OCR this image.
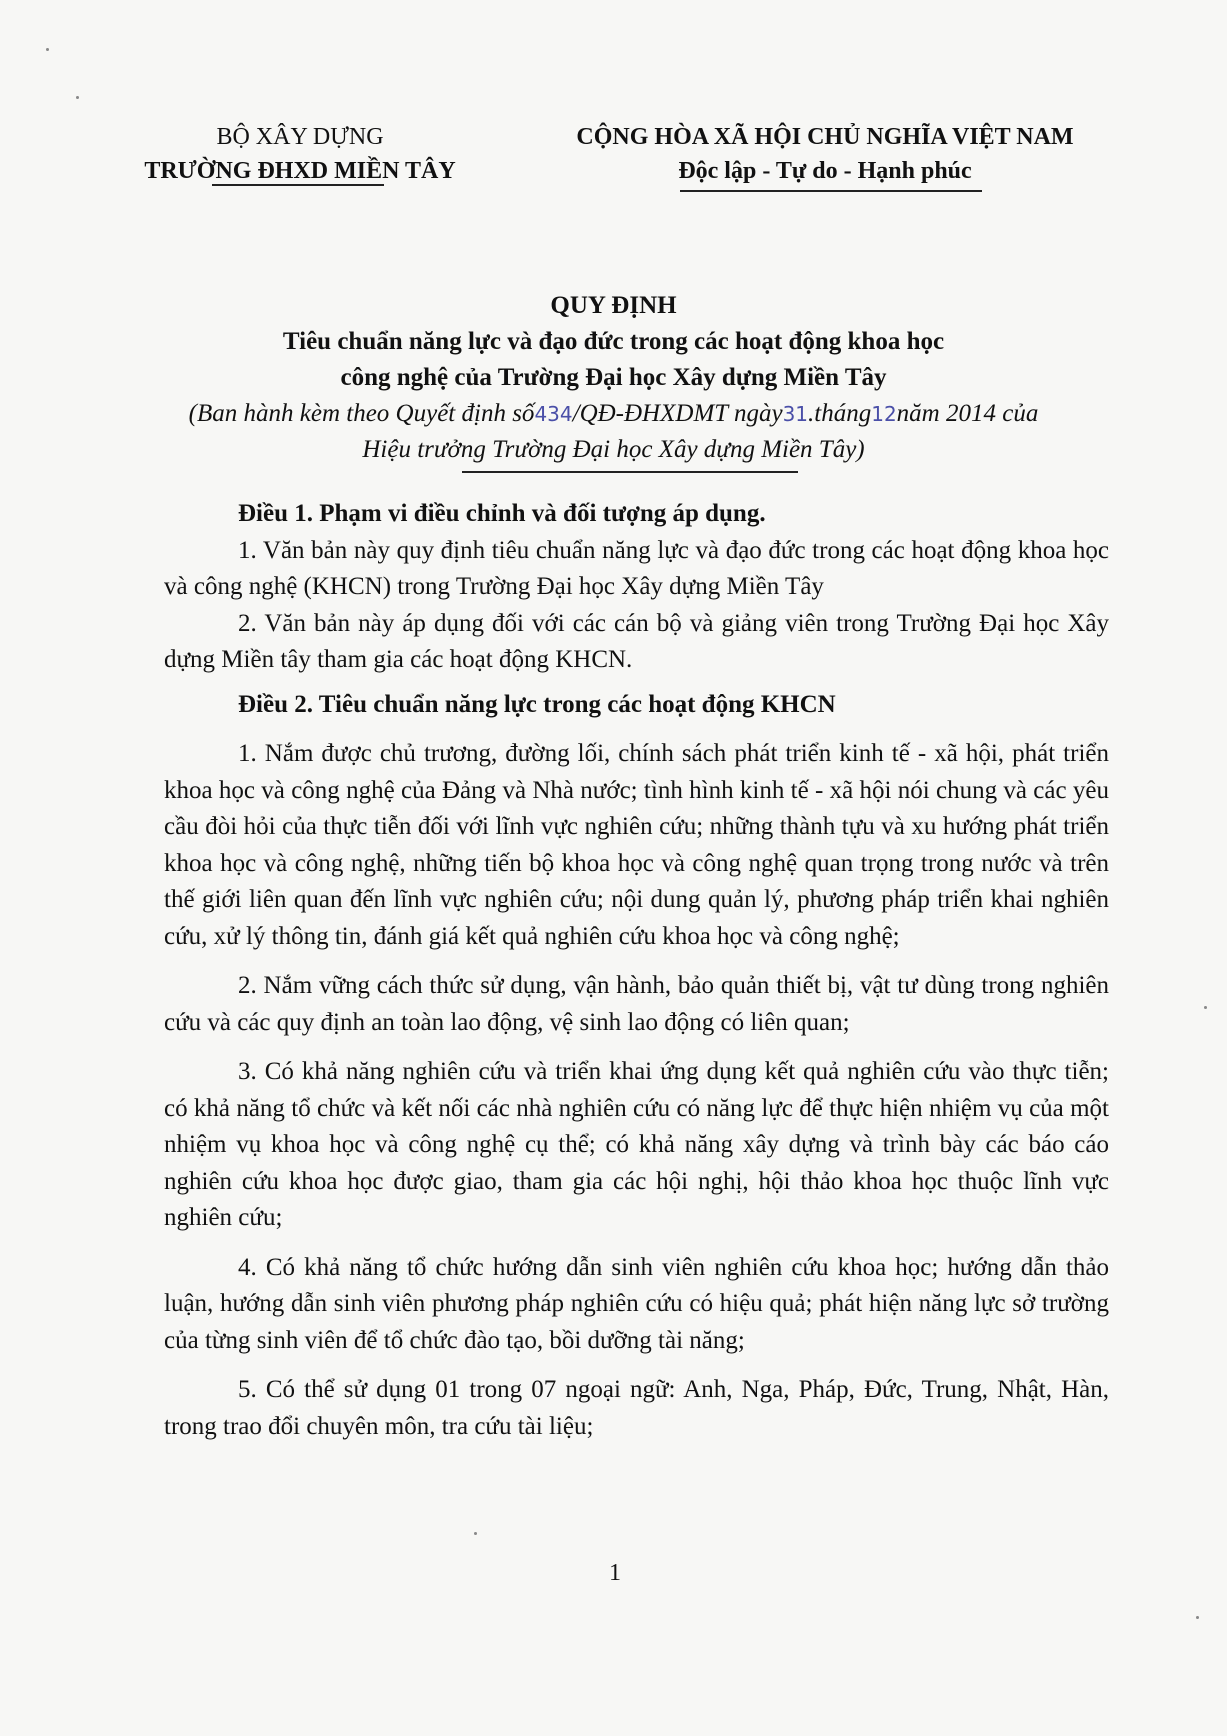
BỘ XÂY DỰNG
TRƯỜNG ĐHXD MIỀN TÂY
CỘNG HÒA XÃ HỘI CHỦ NGHĨA VIỆT NAM
Độc lập - Tự do - Hạnh phúc
QUY ĐỊNH
Tiêu chuẩn năng lực và đạo đức trong các hoạt động khoa học
công nghệ của Trường Đại học Xây dựng Miền Tây
(Ban hành kèm theo Quyết định số434/QĐ-ĐHXDMT ngày31.tháng12năm 2014 của
Hiệu trưởng Trường Đại học Xây dựng Miền Tây)

Điều 1. Phạm vi điều chỉnh và đối tượng áp dụng.

1. Văn bản này quy định tiêu chuẩn năng lực và đạo đức trong các hoạt động khoa học và công nghệ (KHCN) trong Trường Đại học Xây dựng Miền Tây

2. Văn bản này áp dụng đối với các cán bộ và giảng viên trong Trường Đại học Xây dựng Miền tây tham gia các hoạt động KHCN.

Điều 2. Tiêu chuẩn năng lực trong các hoạt động KHCN

1. Nắm được chủ trương, đường lối, chính sách phát triển kinh tế - xã hội, phát triển khoa học và công nghệ của Đảng và Nhà nước; tình hình kinh tế - xã hội nói chung và các yêu cầu đòi hỏi của thực tiễn đối với lĩnh vực nghiên cứu; những thành tựu và xu hướng phát triển khoa học và công nghệ, những tiến bộ khoa học và công nghệ quan trọng trong nước và trên thế giới liên quan đến lĩnh vực nghiên cứu; nội dung quản lý, phương pháp triển khai nghiên cứu, xử lý thông tin, đánh giá kết quả nghiên cứu khoa học và công nghệ;

2. Nắm vững cách thức sử dụng, vận hành, bảo quản thiết bị, vật tư dùng trong nghiên cứu và các quy định an toàn lao động, vệ sinh lao động có liên quan;

3. Có khả năng nghiên cứu và triển khai ứng dụng kết quả nghiên cứu vào thực tiễn; có khả năng tổ chức và kết nối các nhà nghiên cứu có năng lực để thực hiện nhiệm vụ của một nhiệm vụ khoa học và công nghệ cụ thể; có khả năng xây dựng và trình bày các báo cáo nghiên cứu khoa học được giao, tham gia các hội nghị, hội thảo khoa học thuộc lĩnh vực nghiên cứu;

4. Có khả năng tổ chức hướng dẫn sinh viên nghiên cứu khoa học; hướng dẫn thảo luận, hướng dẫn sinh viên phương pháp nghiên cứu có hiệu quả; phát hiện năng lực sở trường của từng sinh viên để tổ chức đào tạo, bồi dưỡng tài năng;

5. Có thể sử dụng 01 trong 07 ngoại ngữ: Anh, Nga, Pháp, Đức, Trung, Nhật, Hàn, trong trao đổi chuyên môn, tra cứu tài liệu;

1
